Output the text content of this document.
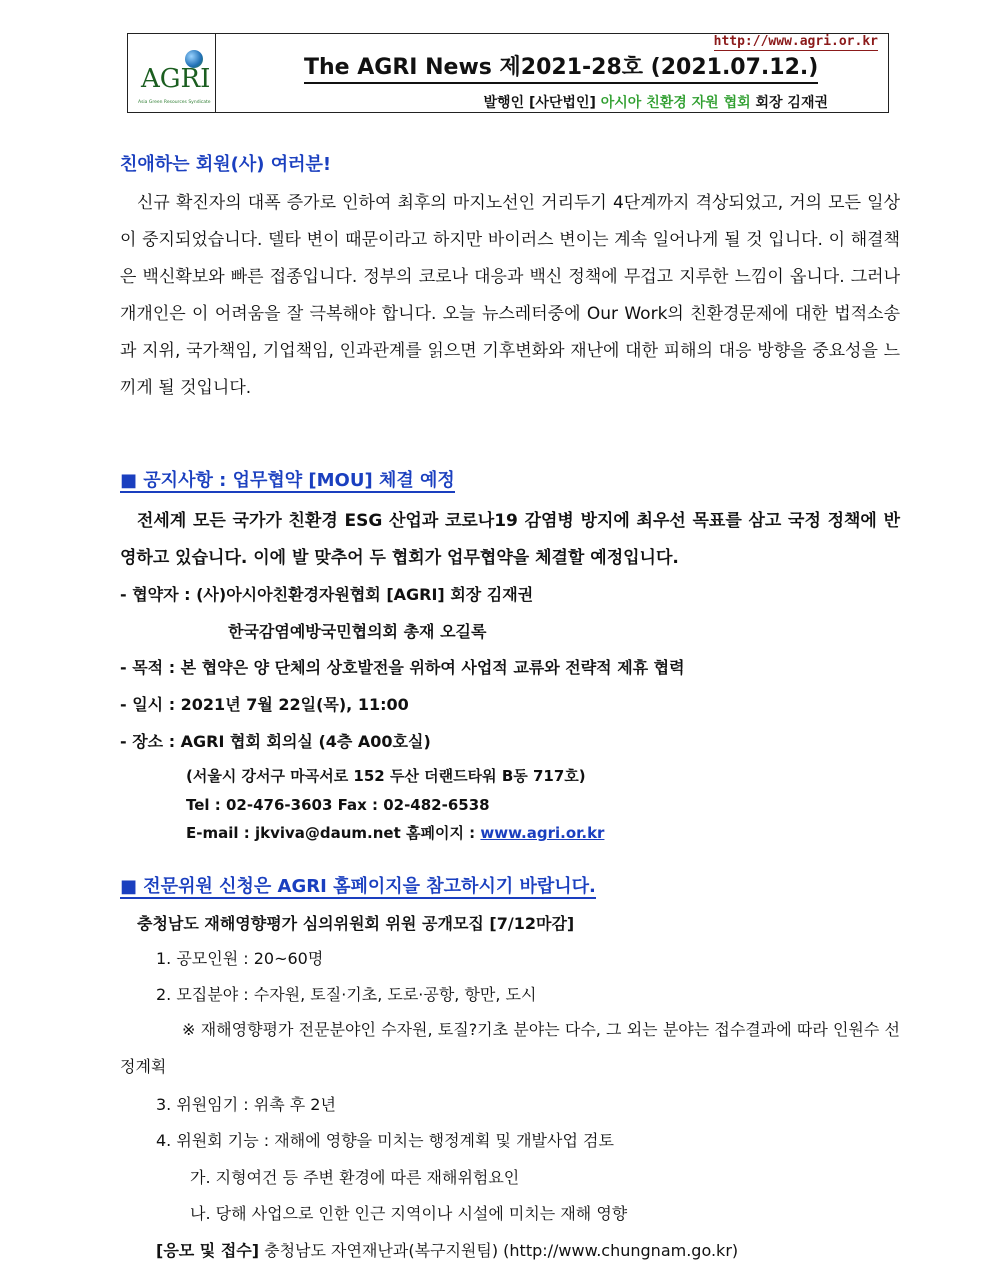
AGRI
Asia Green Resources Syndicate
http://www.agri.or.kr
The AGRI News 제2021-28호 (2021.07.12.)
발행인 [사단법인] 아시아 친환경 자원 협회 회장 김재권
친애하는 회원(사) 여러분!
신규 확진자의 대폭 증가로 인하여 최후의 마지노선인 거리두기 4단계까지 격상되었고, 거의 모든 일상이 중지되었습니다. 델타 변이 때문이라고 하지만 바이러스 변이는 계속 일어나게 될 것 입니다. 이 해결책은 백신확보와 빠른 접종입니다. 정부의 코로나 대응과 백신 정책에 무겁고 지루한 느낌이 옵니다. 그러나 개개인은 이 어려움을 잘 극복해야 합니다. 오늘 뉴스레터중에 Our Work의 친환경문제에 대한 법적소송과 지위, 국가책임, 기업책임, 인과관계를 읽으면 기후변화와 재난에 대한 피해의 대응 방향을 중요성을 느끼게 될 것입니다.
■ 공지사항 : 업무협약 [MOU] 체결 예정
전세계 모든 국가가 친환경 ESG 산업과 코로나19 감염병 방지에 최우선 목표를 삼고 국정 정책에 반영하고 있습니다. 이에 발 맞추어 두 협회가 업무협약을 체결할 예정입니다.
- 협약자 : (사)아시아친환경자원협회 [AGRI] 회장 김재권
한국감염예방국민협의회 총재 오길록
- 목적 : 본 협약은 양 단체의 상호발전을 위하여 사업적 교류와 전략적 제휴 협력
- 일시 : 2021년 7월 22일(목), 11:00
- 장소 : AGRI 협회 회의실 (4층 A00호실)
(서울시 강서구 마곡서로 152 두산 더랜드타워 B동 717호)
Tel : 02-476-3603 Fax : 02-482-6538
E-mail : jkviva@daum.net 홈페이지 : www.agri.or.kr
■ 전문위원 신청은 AGRI 홈페이지을 참고하시기 바랍니다.
충청남도 재해영향평가 심의위원회 위원 공개모집 [7/12마감]
1. 공모인원 : 20~60명
2. 모집분야 : 수자원, 토질·기초, 도로·공항, 항만, 도시
※ 재해영향평가 전문분야인 수자원, 토질?기초 분야는 다수, 그 외는 분야는 접수결과에 따라 인원수 선정계획
3. 위원임기 : 위촉 후 2년
4. 위원회 기능 : 재해에 영향을 미치는 행정계획 및 개발사업 검토
가. 지형여건 등 주변 환경에 따른 재해위험요인
나. 당해 사업으로 인한 인근 지역이나 시설에 미치는 재해 영향
[응모 및 접수] 충청남도 자연재난과(복구지원팀) (http://www.chungnam.go.kr)
